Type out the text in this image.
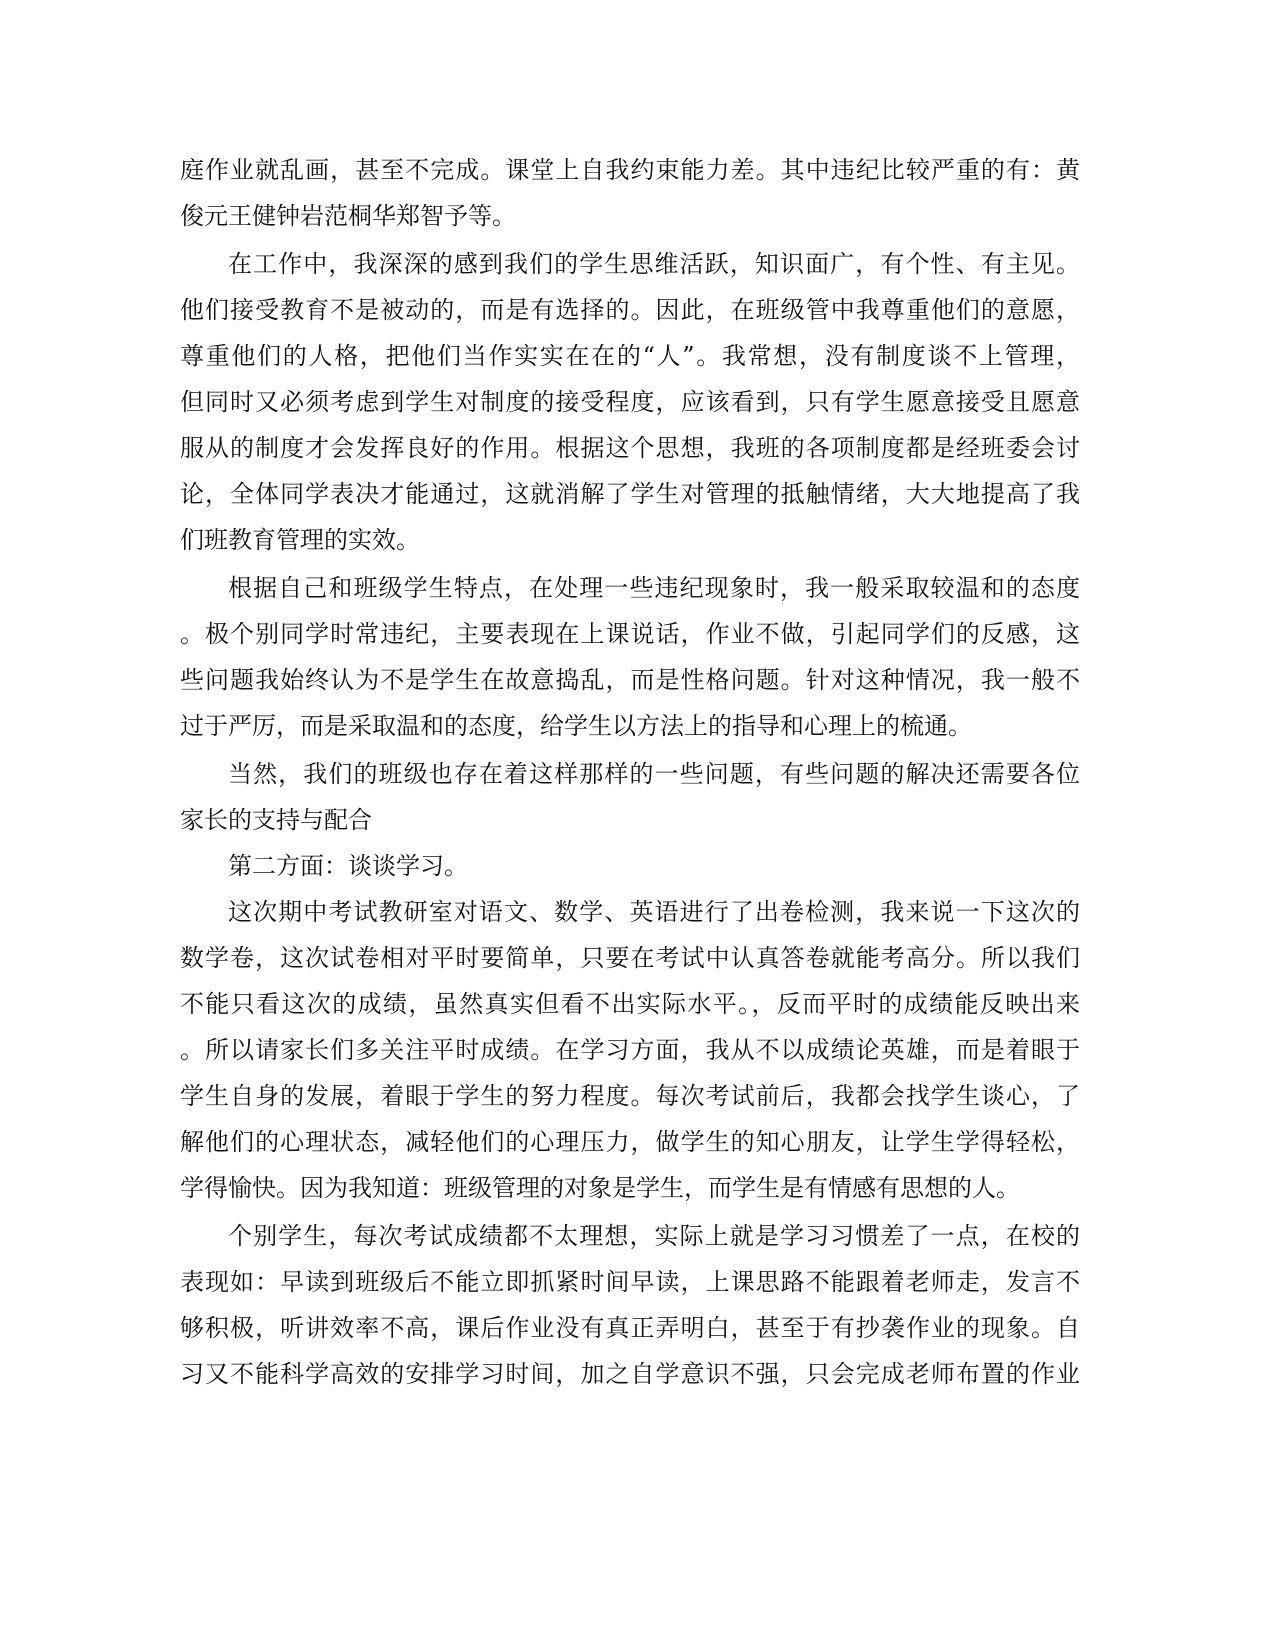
庭作业就乱画，甚至不完成。课堂上自我约束能力差。其中违纪比较严重的有：黄
俊元王健钟岩范桐华郑智予等。
在工作中，我深深的感到我们的学生思维活跃，知识面广，有个性、有主见。
他们接受教育不是被动的，而是有选择的。因此，在班级管中我尊重他们的意愿，
尊重他们的人格，把他们当作实实在在的“人”。我常想，没有制度谈不上管理，
但同时又必须考虑到学生对制度的接受程度，应该看到，只有学生愿意接受且愿意
服从的制度才会发挥良好的作用。根据这个思想，我班的各项制度都是经班委会讨
论，全体同学表决才能通过，这就消解了学生对管理的抵触情绪，大大地提高了我
们班教育管理的实效。
根据自己和班级学生特点，在处理一些违纪现象时，我一般采取较温和的态度
。极个别同学时常违纪，主要表现在上课说话，作业不做，引起同学们的反感，这
些问题我始终认为不是学生在故意捣乱，而是性格问题。针对这种情况，我一般不
过于严厉，而是采取温和的态度，给学生以方法上的指导和心理上的梳通。
当然，我们的班级也存在着这样那样的一些问题，有些问题的解决还需要各位
家长的支持与配合
第二方面：谈谈学习。
这次期中考试教研室对语文、数学、英语进行了出卷检测，我来说一下这次的
数学卷，这次试卷相对平时要简单，只要在考试中认真答卷就能考高分。所以我们
不能只看这次的成绩，虽然真实但看不出实际水平。，反而平时的成绩能反映出来
。所以请家长们多关注平时成绩。在学习方面，我从不以成绩论英雄，而是着眼于
学生自身的发展，着眼于学生的努力程度。每次考试前后，我都会找学生谈心，了
解他们的心理状态，减轻他们的心理压力，做学生的知心朋友，让学生学得轻松，
学得愉快。因为我知道：班级管理的对象是学生，而学生是有情感有思想的人。
个别学生，每次考试成绩都不太理想，实际上就是学习习惯差了一点，在校的
表现如：早读到班级后不能立即抓紧时间早读，上课思路不能跟着老师走，发言不
够积极，听讲效率不高，课后作业没有真正弄明白，甚至于有抄袭作业的现象。自
习又不能科学高效的安排学习时间，加之自学意识不强，只会完成老师布置的作业
